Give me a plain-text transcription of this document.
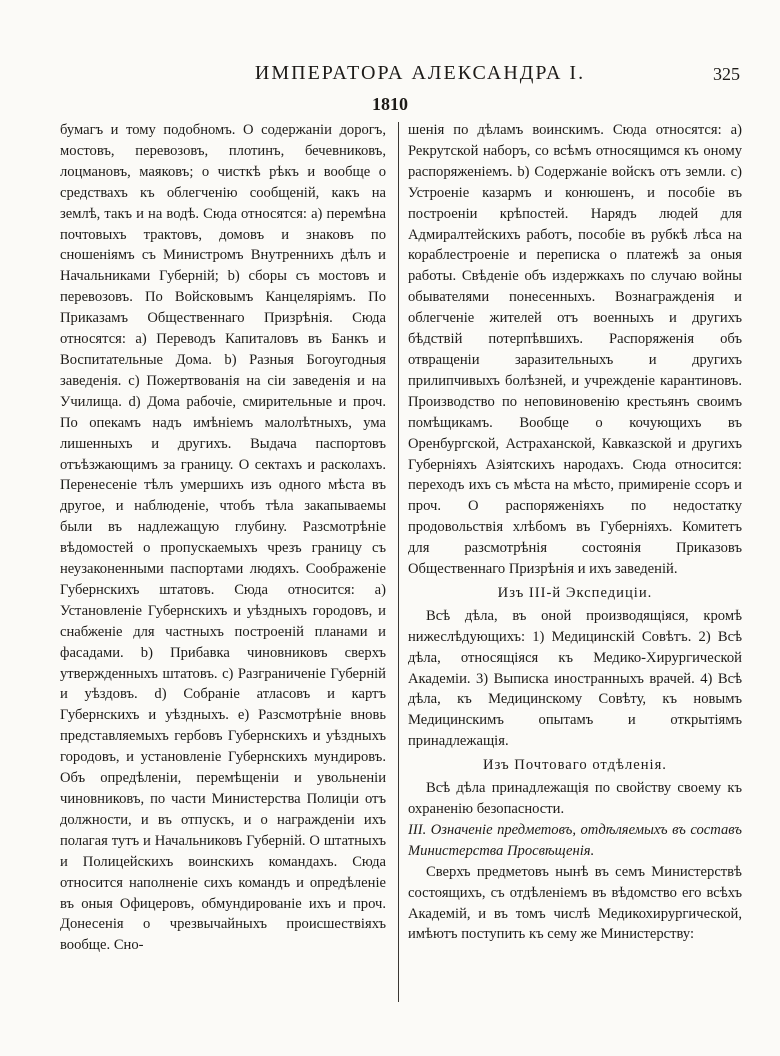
ИМПЕРАТОРА АЛЕКСАНДРА I.	325
1810

бумагъ и тому подобномъ. О содержаніи дорогъ, мостовъ, перевозовъ, плотинъ, бечевниковъ, лоцмановъ, маяковъ; о чисткѣ рѣкъ и вообще о средствахъ къ облегченію сообщеній, какъ на землѣ, такъ и на водѣ. Сюда относятся: а) перемѣна почтовыхъ трактовъ, домовъ и знаковъ по сношеніямъ съ Министромъ Внутреннихъ дѣлъ и Начальниками Губерній; b) сборы съ мостовъ и перевозовъ. По Войсковымъ Канцеляріямъ. По Приказамъ Общественнаго Призрѣнія. Сюда относятся: а) Переводъ Капиталовъ въ Банкъ и Воспитательные Дома. b) Разныя Богоугодныя заведенія. c) Пожертвованія на сіи заведенія и на Училища. d) Дома рабочіе, смирительные и проч. По опекамъ надъ имѣніемъ малолѣтныхъ, ума лишенныхъ и другихъ. Выдача паспортовъ отъѣзжающимъ за границу. О сектахъ и расколахъ. Перенесеніе тѣлъ умершихъ изъ одного мѣста въ другое, и наблюденіе, чтобъ тѣла закапываемы были въ надлежащую глубину. Разсмотрѣніе вѣдомостей о пропускаемыхъ чрезъ границу съ неузаконенными паспортами людяхъ. Соображеніе Губернскихъ штатовъ. Сюда относится: а) Установленіе Губернскихъ и уѣздныхъ городовъ, и снабженіе для частныхъ построеній планами и фасадами. b) Прибавка чиновниковъ сверхъ утвержденныхъ штатовъ. c) Разграниченіе Губерній и уѣздовъ. d) Собраніе атласовъ и картъ Губернскихъ и уѣздныхъ. e) Разсмотрѣніе вновь представляемыхъ гербовъ Губернскихъ и уѣздныхъ городовъ, и установленіе Губернскихъ мундировъ. Объ опредѣленіи, перемѣщеніи и увольненіи чиновниковъ, по части Министерства Полиціи отъ должности, и въ отпускъ, и о награжденіи ихъ полагая тутъ и Начальниковъ Губерній. О штатныхъ и Полицейскихъ воинскихъ командахъ. Сюда относится наполненіе сихъ командъ и опредѣленіе въ оныя Офицеровъ, обмундированіе ихъ и проч. Донесенія о чрезвычайныхъ происшествіяхъ вообще. Сно-

шенія по дѣламъ воинскимъ. Сюда относятся: а) Рекрутской наборъ, со всѣмъ относящимся къ оному распоряженіемъ. b) Содержаніе войскъ отъ земли. c) Устроеніе казармъ и конюшенъ, и пособіе въ построеніи крѣпостей. Нарядъ людей для Адмиралтейскихъ работъ, пособіе въ рубкѣ лѣса на кораблестроеніе и переписка о платежѣ за оныя работы. Свѣденіе объ издержкахъ по случаю войны обывателями понесенныхъ. Вознагражденія и облегченіе жителей отъ военныхъ и другихъ бѣдствій потерпѣвшихъ. Распоряженія объ отвращеніи заразительныхъ и другихъ прилипчивыхъ болѣзней, и учрежденіе карантиновъ. Производство по неповиновенію крестьянъ своимъ помѣщикамъ. Вообще о кочующихъ въ Оренбургской, Астраханской, Кавказской и другихъ Губерніяхъ Азіятскихъ народахъ. Сюда относится: переходъ ихъ съ мѣста на мѣсто, примиреніе ссоръ и проч. О распоряженіяхъ по недостатку продовольствія хлѣбомъ въ Губерніяхъ. Комитетъ для разсмотрѣнія состоянія Приказовъ Общественнаго Призрѣнія и ихъ заведеній.

Изъ III-й Экспедиціи.

Всѣ дѣла, въ оной производящіяся, кромѣ нижеслѣдующихъ: 1) Медицинскій Совѣтъ. 2) Всѣ дѣла, относящіяся къ Медико-Хирургической Академіи. 3) Выписка иностранныхъ врачей. 4) Всѣ дѣла, къ Медицинскому Совѣту, къ новымъ Медицинскимъ опытамъ и открытіямъ принадлежащія.

Изъ Почтоваго отдѣленія.

Всѣ дѣла принадлежащія по свойству своему къ охраненію безопасности.

III. Означеніе предметовъ, отдѣляемыхъ въ составъ Министерства Просвѣщенія.

Сверхъ предметовъ нынѣ въ семъ Министерствѣ состоящихъ, съ отдѣленіемъ въ вѣдомство его всѣхъ Академій, и въ томъ числѣ Медикохирургической, имѣютъ поступить къ сему же Министерству:
